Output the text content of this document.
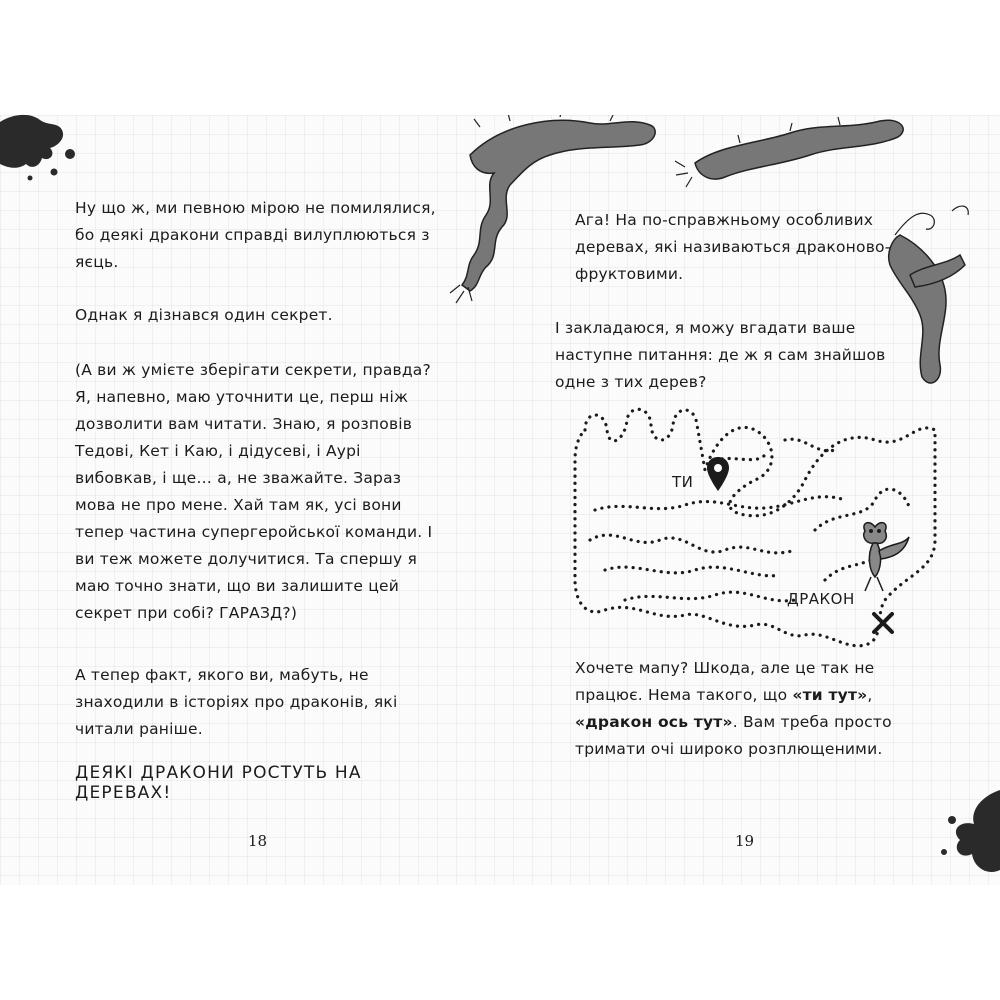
Ну що ж, ми певною мірою не помилялися, бо деякі дракони справді вилуплюються з яєць.

Однак я дізнався один секрет.

(А ви ж умієте зберігати секрети, правда? Я, напевно, маю уточнити це, перш ніж дозволити вам читати. Знаю, я розповів Тедові, Кет і Каю, і дідусеві, і Аурі вибовкав, і ще… а, не зважайте. Зараз мова не про мене. Хай там як, усі вони тепер частина супергеройської команди. І ви теж можете долучитися. Та спершу я маю точно знати, що ви залишите цей секрет при собі? ГАРАЗД?)

А тепер факт, якого ви, мабуть, не знаходили в історіях про драконів, які читали раніше.

ДЕЯКІ ДРАКОНИ РОСТУТЬ НА ДЕРЕВАХ!
18

Ага! На по-справжньому особливих деревах, які називаються драконово-фруктовими.

І закладаюся, я можу вгадати ваше наступне питання: де ж я сам знайшов одне з тих дерев?

ТИ
ДРАКОН

Хочете мапу? Шкода, але це так не працює. Нема такого, що «ти тут», «дракон ось тут». Вам треба просто тримати очі широко розплющеними.

19
